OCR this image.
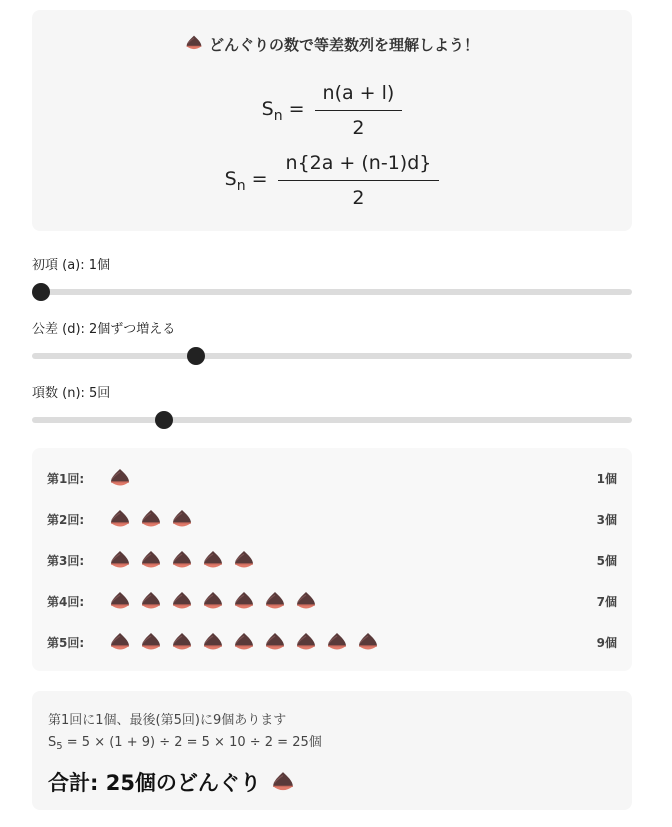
どんぐりの数で等差数列を理解しよう！
$S_n = \frac{n(a + l)}{2}$
$S_n = \frac{n\{2a + (n-1)d\}}{2}$
初項 (a): 1個
公差 (d): 2個ずつ増える
項数 (n): 5回
第1回:	1個
第2回:	3個
第3回:	5個
第4回:	7個
第5回:	9個
第1回に1個、最後(第5回)に9個あります
$S_5 = 5 \times (1 + 9) \div 2 = 5 \times 10 \div 2 = 25$個
合計: 25個のどんぐり
